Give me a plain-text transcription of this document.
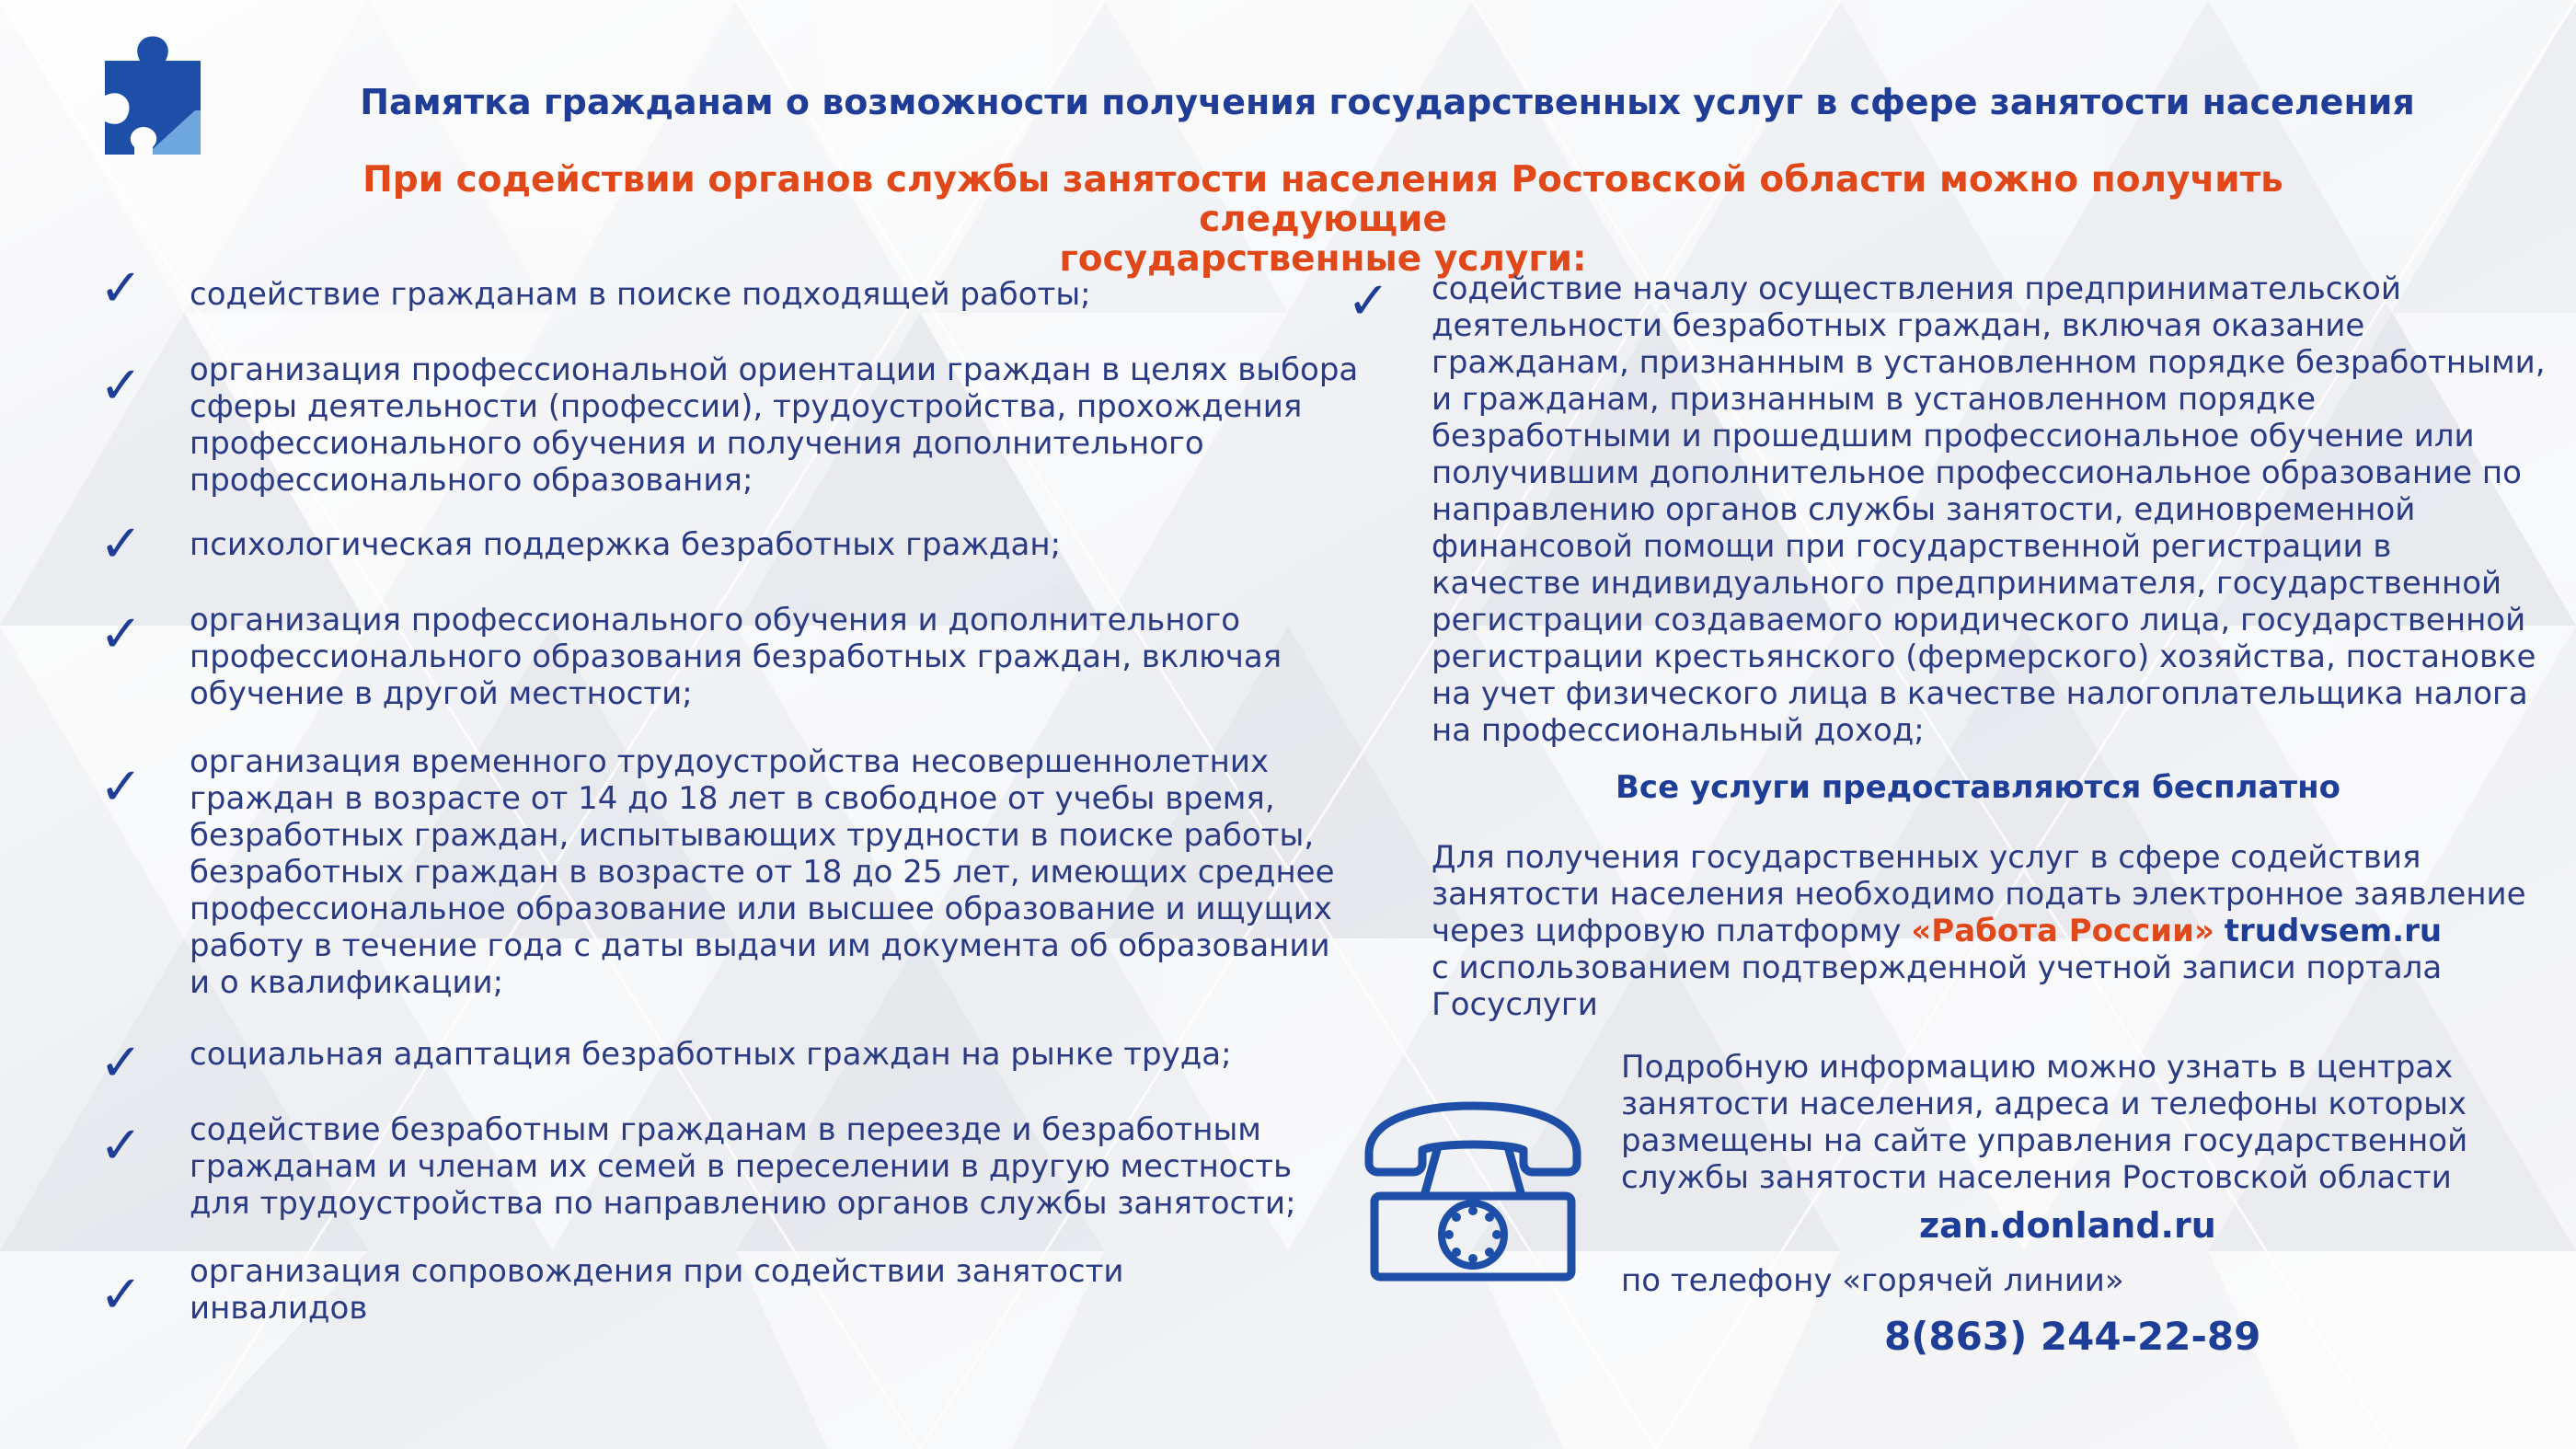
Памятка гражданам о возможности получения государственных услуг в сфере занятости населения
При содействии органов службы занятости населения Ростовской области можно получить следующие
государственные услуги:
✓	содействие гражданам в поиске подходящей работы;

✓	организация профессиональной ориентации граждан в целях выбора

сферы деятельности (профессии), трудоустройства, прохождения

профессионального обучения и получения дополнительного

профессионального образования;

✓	психологическая поддержка безработных граждан;

✓	организация профессионального обучения и дополнительного

профессионального образования безработных граждан, включая

обучение в другой местности;

✓	организация временного трудоустройства несовершеннолетних

граждан в возрасте от 14 до 18 лет в свободное от учебы время,

безработных граждан, испытывающих трудности в поиске работы,

безработных граждан в возрасте от 18 до 25 лет, имеющих среднее

профессиональное образование или высшее образование и ищущих

работу в течение года с даты выдачи им документа об образовании

и о квалификации;

✓	социальная адаптация безработных граждан на рынке труда;

✓	содействие безработным гражданам в переезде и безработным

гражданам и членам их семей в переселении в другую местность

для трудоустройства по направлению органов службы занятости;

✓	организация сопровождения при содействии занятости

инвалидов

✓	содействие началу осуществления предпринимательской

деятельности безработных граждан, включая оказание

гражданам, признанным в установленном порядке безработными,

и гражданам, признанным в установленном порядке

безработными и прошедшим профессиональное обучение или

получившим дополнительное профессиональное образование по

направлению органов службы занятости, единовременной

финансовой помощи при государственной регистрации в

качестве индивидуального предпринимателя, государственной

регистрации создаваемого юридического лица, государственной

регистрации крестьянского (фермерского) хозяйства, постановке

на учет физического лица в качестве налогоплательщика налога

на профессиональный доход;

Все услуги предоставляются бесплатно

Для получения государственных услуг в сфере содействия

занятости населения необходимо подать электронное заявление

через цифровую платформу «Работа России» trudvsem.ru

с использованием подтвержденной учетной записи портала

Госуслуги

Подробную информацию можно узнать в центрах

занятости населения, адреса и телефоны которых

размещены на сайте управления государственной

службы занятости населения Ростовской области

zan.donland.ru
по телефону «горячей линии»
8(863) 244-22-89
